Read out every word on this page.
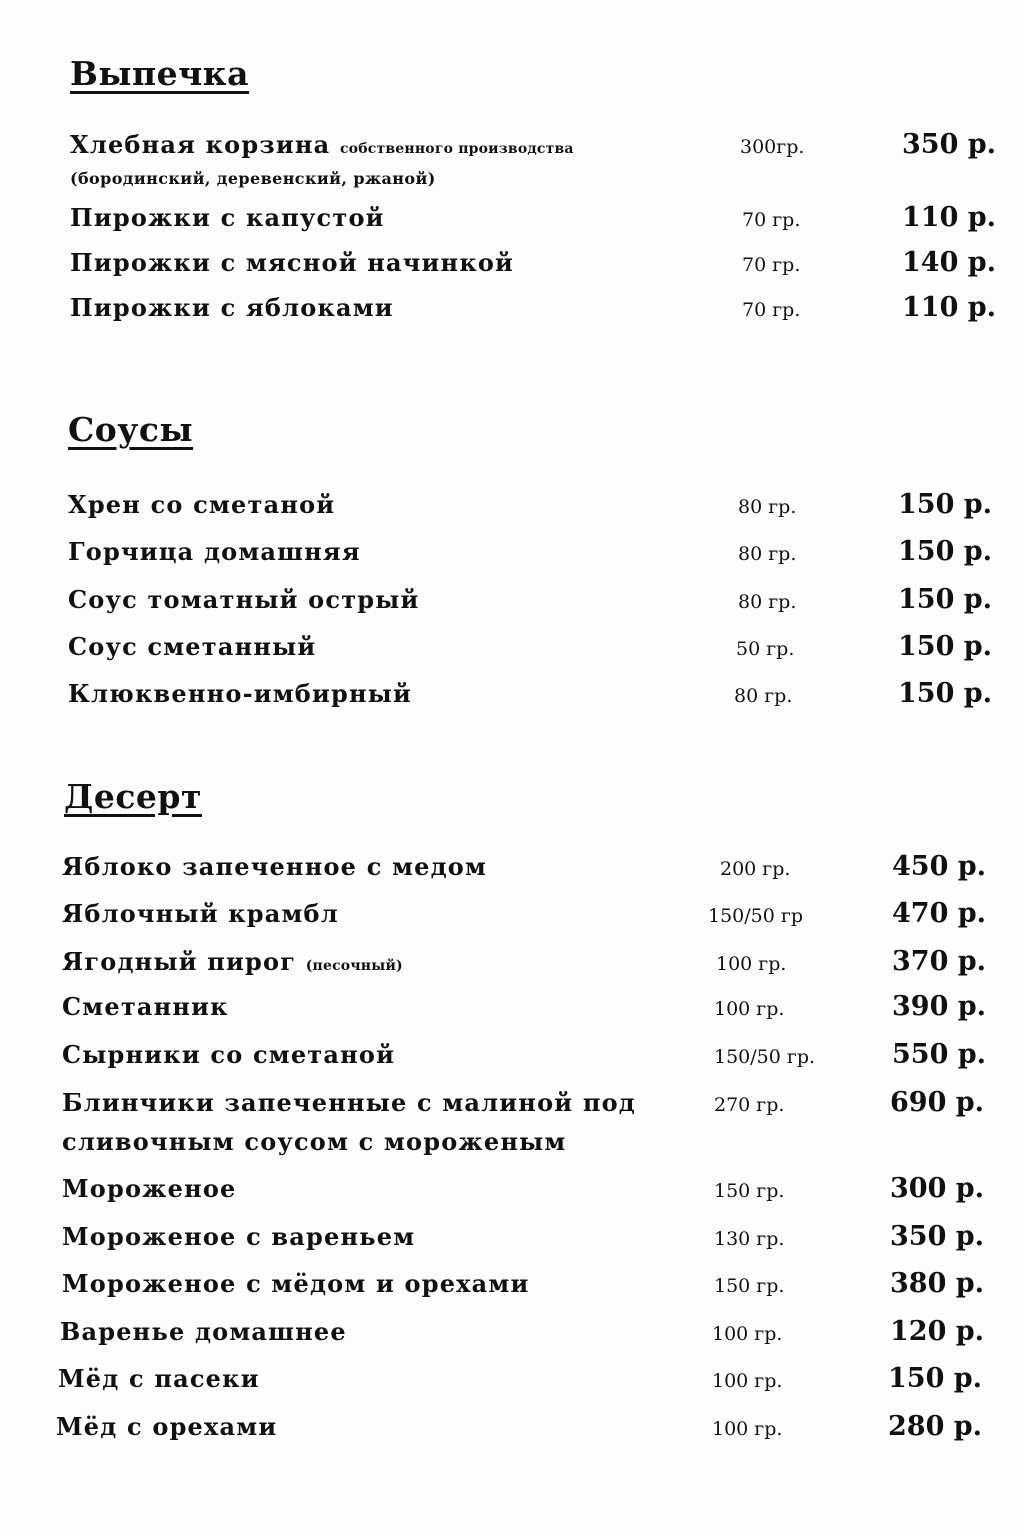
Выпечка
Хлебная корзина собственного производства	300гр.	350 р.
(бородинский, деревенский, ржаной)
Пирожки с капустой	70 гр.	110 р.
Пирожки с мясной начинкой	70 гр.	140 р.
Пирожки с яблоками	70 гр.	110 р.
Соусы
Хрен со сметаной	80 гр.	150 р.
Горчица домашняя	80 гр.	150 р.
Соус томатный острый	80 гр.	150 р.
Соус сметанный	50 гр.	150 р.
Клюквенно-имбирный	80 гр.	150 р.
Десерт
Яблоко запеченное с медом	200 гр.	450 р.
Яблочный крамбл	150/50 гр	470 р.
Ягодный пирог (песочный)	100 гр.	370 р.
Сметанник	100 гр.	390 р.
Сырники со сметаной	150/50 гр.	550 р.
Блинчики запеченные с малиной под	270 гр.	690 р.
сливочным соусом с мороженым
Мороженое	150 гр.	300 р.
Мороженое с вареньем	130 гр.	350 р.
Мороженое с мёдом и орехами	150 гр.	380 р.
Варенье домашнее	100 гр.	120 р.
Мёд с пасеки	100 гр.	150 р.
Мёд с орехами	100 гр.	280 р.
